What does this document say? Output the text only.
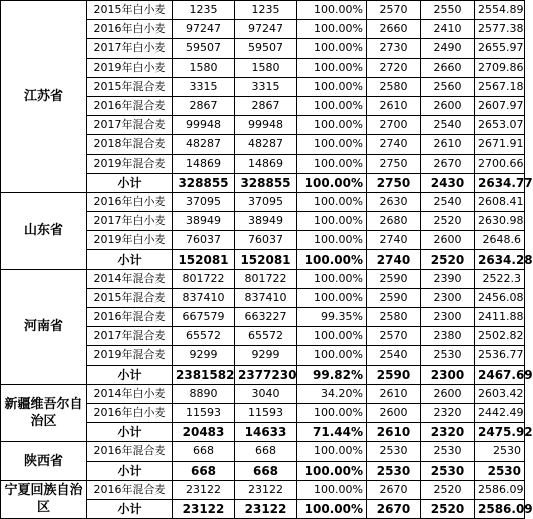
江苏省	2015年白小麦	1235	1235	100.00%	2570	2550	2554.89
	2016年白小麦	97247	97247	100.00%	2660	2410	2577.38
	2017年白小麦	59507	59507	100.00%	2730	2490	2655.97
	2019年白小麦	1580	1580	100.00%	2720	2660	2709.86
	2015年混合麦	3315	3315	100.00%	2580	2560	2567.18
	2016年混合麦	2867	2867	100.00%	2610	2600	2607.97
	2017年混合麦	99948	99948	100.00%	2700	2540	2653.07
	2018年混合麦	48287	48287	100.00%	2740	2610	2671.91
	2019年混合麦	14869	14869	100.00%	2750	2670	2700.66
	小计	328855	328855	100.00%	2750	2430	2634.77
山东省	2016年白小麦	37095	37095	100.00%	2630	2540	2608.41
	2017年白小麦	38949	38949	100.00%	2680	2520	2630.98
	2019年白小麦	76037	76037	100.00%	2740	2600	2648.6
	小计	152081	152081	100.00%	2740	2520	2634.28
河南省	2014年混合麦	801722	801722	100.00%	2590	2390	2522.3
	2015年混合麦	837410	837410	100.00%	2590	2300	2456.08
	2016年混合麦	667579	663227	99.35%	2580	2300	2411.88
	2017年混合麦	65572	65572	100.00%	2570	2380	2502.82
	2019年混合麦	9299	9299	100.00%	2540	2530	2536.77
	小计	2381582	2377230	99.82%	2590	2300	2467.69
新疆维吾尔自治区	2014年白小麦	8890	3040	34.20%	2610	2600	2603.42
	2016年白小麦	11593	11593	100.00%	2600	2320	2442.49
	小计	20483	14633	71.44%	2610	2320	2475.92
陕西省	2016年混合麦	668	668	100.00%	2530	2530	2530
	小计	668	668	100.00%	2530	2530	2530
宁夏回族自治区	2016年混合麦	23122	23122	100.00%	2670	2520	2586.09
	小计	23122	23122	100.00%	2670	2520	2586.09
